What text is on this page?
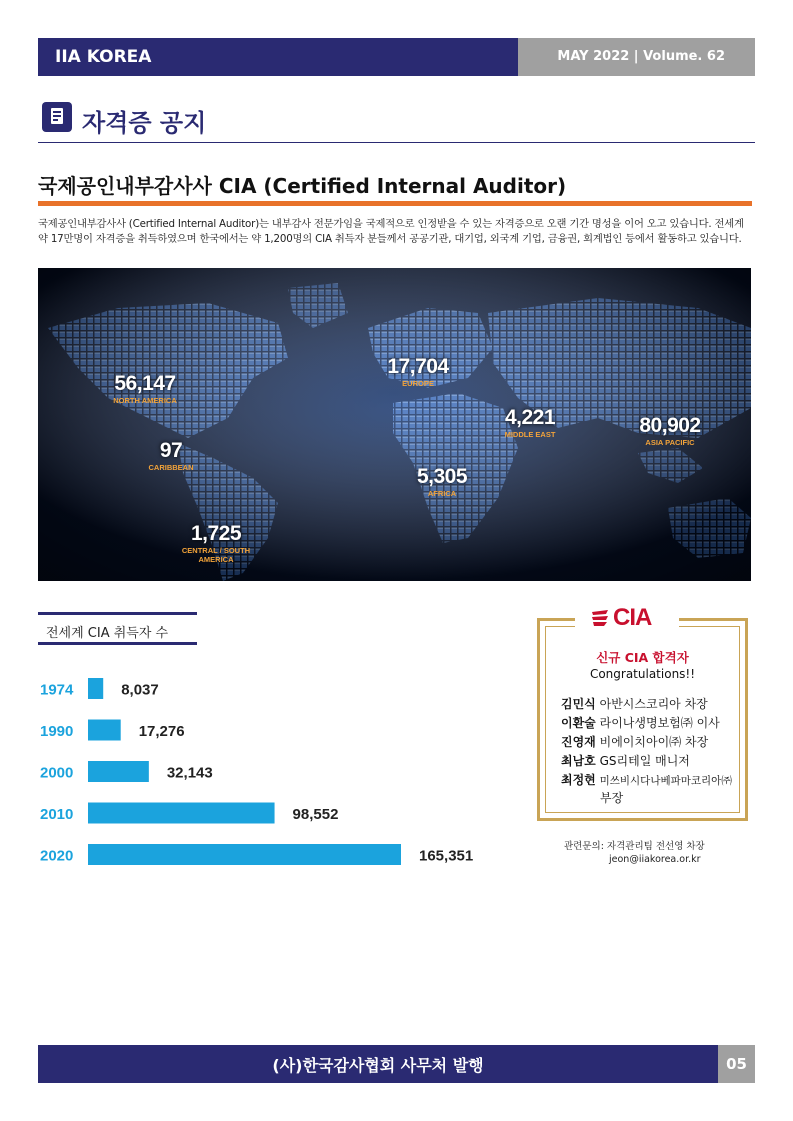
IIA KOREA	MAY 2022 | Volume. 62
자격증 공지
국제공인내부감사사 CIA (Certified Internal Auditor)
국제공인내부감사사 (Certified Internal Auditor)는 내부감사 전문가임을 국제적으로 인정받을 수 있는 자격증으로 오랜 기간 명성을 이어 오고 있습니다. 전세계 약 17만명이 자격증을 취득하였으며 한국에서는 약 1,200명의 CIA 취득자 분들께서 공공기관, 대기업, 외국계 기업, 금융권, 회계법인 등에서 활동하고 있습니다.
56,147
NORTH AMERICA
97
CARIBBEAN
1,725
CENTRAL / SOUTH AMERICA
17,704
EUROPE
4,221
MIDDLE EAST
5,305
AFRICA
80,902
ASIA PACIFIC
전세계 CIA 취득자 수
1974	8,037
1990	17,276
2000	32,143
2010	98,552
2020	165,351
CIA
신규 CIA 합격자
Congratulations!!
김민식 아반시스코리아 차장
이환술 라이나생명보험㈜ 이사
진영재 비에이치아이㈜ 차장
최남호 GS리테일 매니저
최정현 미쓰비시다나베파마코리아㈜
부장
관련문의: 자격관리팀 전선영 차장
jeon@iiakorea.or.kr
(사)한국감사협회 사무처 발행	05
